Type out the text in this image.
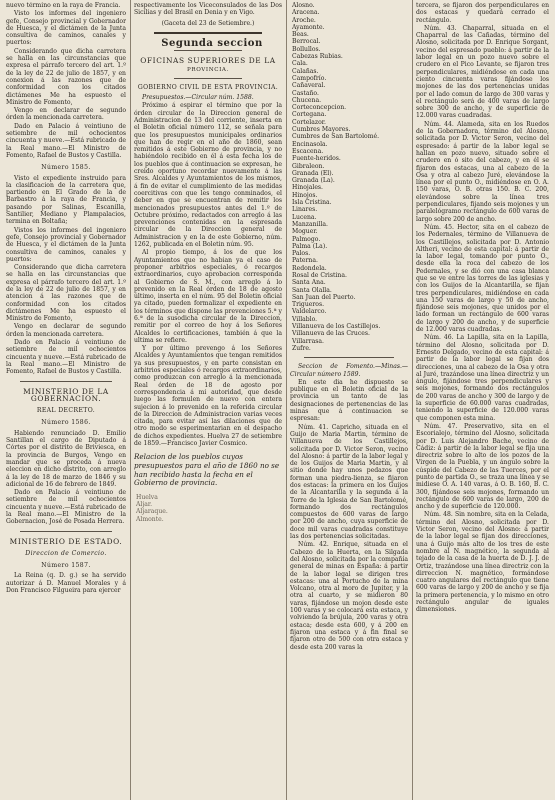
nuevo término en la raya de Francia.

Visto los informes del ingeniero gefe, Consejo provincial y Gobernador de Huesca, y el dictámen de la Junta consultiva de caminos, canales y puertos:

Considerando que dicha carretera se halla en las circunstancias que expresa el párrafo tercero del art. 1.º de la ley de 22 de julio de 1857, y en conexion á las razones que de conformidad con los citados dictámenes Me ha espuesto el Ministro de Fomento,

Vengo en declarar de segundo órden la mencionada carretera.

Dado en Palacio á veintiuno de setiembre de mil ochocientos cincuenta y nueve.—Está rubricado de la Real mano.—El Ministro de Fomento, Rafael de Bustos y Castilla.

Número 1585.

Visto el expediente instruido para la clasificacion de la carretera que, partiendo en El Grado de la de Barbastro á la raya de Francia, y pasando por Salinas, Escanilla, Santilier, Mediano y Plampalacios, termina en Boltaña;

Vistos los informes del ingeniero gefe, Consejo provincial y Gobernador de Huesca, y el dictámen de la Junta consultiva de caminos, canales y puertos:

Considerando que dicha carretera se halla en las circunstancias que expresa el párrafo tercero del art. 1.º de la ley de 22 de julio de 1857, y en atencion á las razones que de conformidad con los citados dictámenes Me ha espuesto el Ministro de Fomento,

Vengo en declarar de segundo órden la mencionada carretera.

Dado en Palacio á veintiuno de setiembre de mil ochocientos cincuenta y nueve.—Está rubricado de la Real mano.—El Ministro de Fomento, Rafael de Bustos y Castilla.

MINISTERIO DE LA GOBERNACION.

REAL DECRETO.

Número 1586.

Habiendo renunciado D. Emilio Santillan el cargo de Diputado á Córtes por el distrito de Briviesca, en la provincia de Burgos, Vengo en mandar que se proceda á nueva eleccion en dicho distrito, con arreglo á la ley de 18 de marzo de 1846 y su adicional de 16 de febrero de 1849.

Dado en Palacio á veintiuno de setiembre de mil ochocientos cincuenta y nueve.—Está rubricado de la Real mano.—El Ministro de la Gobernacion, José de Posada Herrera.

MINISTERIO DE ESTADO.

Direccion de Comercio.

Número 1587.

La Reina (q. D. g.) se ha servido autorizar á D. Manuel Morales y á Don Francisco Filgueira para ejercer

respectivamente los Viceconsulados de las Dos Sicilias y del Brasil en Denia y en Vigo.

(Gaceta del 23 de Setiembre.)

Segunda seccion

OFICINAS SUPERIORES DE LA

PROVINCIA.

GOBIERNO CIVIL DE ESTA PROVINCIA.

Presupuestos.—Circular núm. 1588.

Próximo á espirar el término que por la órden circular de la Direccion general de Administracion de 13 del corriente, inserta en el Boletin oficial número 112, se señala para que los presupuestos municipales ordinarios que han de regir en el año de 1860, sean remitidos á este Gobierno de provincia, y no habiéndolo recibido en él á esta fecha los de los pueblos que á continuacion se expresan, he creido oportuno recordar nuevamente á las Sres. Alcaldes y Ayuntamientos de los mismos, á fin de evitar el cumplimiento de las medidas coercitivas con que les tengo conminados, el deber en que se encuentran de remitir los mencionados presupuestos antes del 1.º de Octubre próximo, redactados con arreglo á las prevenciones contenidas en la espresada circular de la Direccion general de Administracion y en la de este Gobierno, núm. 1262, publicada en el Boletin núm. 95.

Al propio tiempo, á los de que los Ayuntamientos que no habian ya el caso de proponer arbitrios especiales, ó recargos extraordinarios, cuyo aprobacion corresponda al Gobierno de S. M., con arreglo á lo prevenido en la Real órden de 18 de agosto último, inserta en el núm. 95 del Boletin oficial ya citado, pueden formalizar el expediente en los términos que dispone las prevenciones 5.ª y 6.ª de la susodicha circular de la Direccion, remitir por el correo de hoy á los Señores Alcaldes lo certificaciones, también á que la ultima se refiere.

Y por último prevengo á los Señores Alcaldes y Ayuntamientos que tengan remitidos ya sus presupuestos, y en parte consistan en arbitrios especiales ó recargos extraordinarios, como produzcan con arreglo á la mencionada Real órden de 18 de agosto por correspondencia á mi autoridad, que desde luego las formulen de nuevo con entera sujecion á lo prevenido en la referida circular de la Direccion de Administracion varias veces citada, para evitar así las dilaciones que de otro modo se esperimentarian en el despacho de dichos expedientes. Huelva 27 de setiembre de 1859.—Francisco Javier Cosmico.

Relacion de los pueblos cuyos presupuestos para el año de 1860 no se han recibido hasta la fecha en el Gobierno de provincia.

Huelva
Aljar.
Aljaraque.
Almonte.
Alosno.
Aracena.
Aroche.
Ayamonte.
Beas.
Berrocal.
Bollullos.
Cabezas Rubias.
Cala.
Calañas.
Campofrío.
Cañaveral.
Castaño.
Chucena.
Corteconcepcion.
Cortegana.
Cortelazor.
Cumbres Mayores.
Cumbres de San Bartolomé.
Encinasola.
Escacena.
Fuente-heridos.
Gibraleon.
Granada (El).
Granada (La).
Hinojales.
Hinojos.
Isla Cristina.
Linares.
Lucena.
Manzanilla.
Moguer.
Palmogo.
Palma (La).
Palos.
Paterna.
Redondela.
Rosal de Cristina.
Santa Ana.
Santa Olalla.
San Juan del Puerto.
Trigueros.
Valdelarco.
Villablo.
Villanueva de los Castillejos.
Villanueva de las Cruces.
Villarrasa.
Zufre.

Seccion de Fomento.—Minas.—Circular número 1589.

En este dia he dispuesto se publique en el Boletin oficial de la provincia un tanto de las designaciones de pertenencias de las minas que á continuacion se espresan:

Núm. 41. Capricho, situada en el Guijo de Maria Martin, término de Villanueva de los Castillejos, solicitada por D. Victor Seron, vecino del Alosno: á partir de la labor legal y de los Guijos de Maria Martin, y al sitio donde hay unos pedazos que forman una piedra-lienza, se fijaron dos estacas: la primera en los Guijos de la Alcantarilla y la segunda á la Torre de la Iglesia de San Bartolomé, formando dos rectángulos compuestos de 600 varas de largo por 200 de ancho, cuya superficie de doce mil varas cuadradas constituye las dos pertenencias solicitadas.

Núm. 42. Enrique, situada en el Cabezo de la Huerta, en la Silgada del Alosno, solicitada por la compañía general de minas en España: á partir de la labor legal se dirigen tres estacas: una al Portucho de la mina Volcano, otra al moro de Jupiter, y la otra al cuarto, y se midieron 80 varas, fijándose un mojon desde este 100 varas y se colocará esta estaca, y volviendo la brújula, 200 varas y otra estaca; desde esta 600, y á 200 en fijaron una estaca y á fin final se fijaron otro de 500 con otra estaca y desde esta 200 varas la

tercera, se fijaron dos perpendiculares en dos estacas y quedará cerrado el rectángulo.

Núm. 43. Chaparral, situada en el Chaparral de las Cañadas, término del Alosno, solicitada por D. Enrique Sorgant, vecino del espresado pueblo: á partir de la labor legal en un pozo nuevo sobre el crudero en el Pico Levante, se fijaron tres perpendiculares, midiéndose en cada una ciento cincuenta varas fijándose los mojones de las dos pertenencias unidas por el lado comun de largo de 300 varas y el rectángulo será de 400 varas de largo sobre 300 de ancho, y de superficie de 12.000 varas cuadradas.

Núm. 44. Alameda, sita en los Ruedos de la Gobernadora, término del Alosno, solicitada por D. Victor Seron, vecino del espresado: á partir de la labor legal se hallan en pozo nuevo, situado sobre el crudero en ó sito del cabezo, y en él se fijaron dos estacas, una al cabezo de la Osa y otra al cabezo Juré, elevándose la línea por el punto O., midiéndose en O. A. 150 varas, O. B. otras 150. B. C. 200, elevándose sobre la línea tres perpendiculares, fijando seis mojones y un paralelógramo rectángulo de 600 varas de largo sobre 200 de ancho.

Núm. 45. Hector, sita en el cabezo de los Pedernales, término de Villanueva de los Castillejos, solicitada por D. Antonio Altheri, vecino de esta capital: á partir de la labor legal, tomando por punto O., desde ella la roca del cabezo de los Pedernales, y se dió con una casa blanca que se ve entre las torres de las iglesias y con los Guijos de la Alcantarilla, se fijan tres perpendiculares, midiéndose en cada una 150 varas de largo y 50 de ancho, fijándose seis mojones, que unidos por el lado forman un rectángulo de 600 varas de largo y 200 de ancho, y de superficie de 12.000 varas cuadradas.

Núm. 46. La Lapilla, sita en la Lapilla, término del Alosno, solicitada por D. Ernesto Delgado, vecino de esta capital: á partir de la labor legal se fijan dos direcciones, una al cabezo de la Osa y otra al Juré, trazándose una línea directriz y un ángulo, fijándose tres perpendiculares y seis mojones, formando dos rectángulos de 200 varas de ancho y 300 de largo y de la superficie de 60.000 varas cuadradas, teniendo la superficie de 120.000 varas que componen esta mina.

Núm. 47. Preservativo, sita en el Escorialejo, término del Alosno, solicitada por D. Luis Alejandro Bache, vecino de Cádiz: á partir de la labor legal se fija una directriz sobre lo alto de los pozos de la Virgen de la Puebla, y un ángulo sobre la cúspide del Cabezo de las Tuerces, por el punto de partida O., se traza una línea y se midiese O. A. 140 varas, á O. B. 160, B. C. 300, fijándose seis mojones, formando un rectángulo de 600 varas de largo, 200 de ancho y de superficie de 120.000.

Núm. 48. Sin nombre, sita en la Celada, término del Alosno, solicitada por D. Victor Seron, vecino del Alosno: á partir de la labor legal se fijan dos direcciones, una á Guijo más alto de los tres de este nombre al N. magnético, la segunda al tejado de la casa de la huerta de D. J. J. de Ortiz, trazándose una línea directriz con la dirreccion N. magnético, formándose cuatro angulares del rectángulo que tiene 600 varas de largo y 200 de ancho y se fija la primera pertenencia, y lo mismo en otro rectángulo angular de iguales dimensiones.
